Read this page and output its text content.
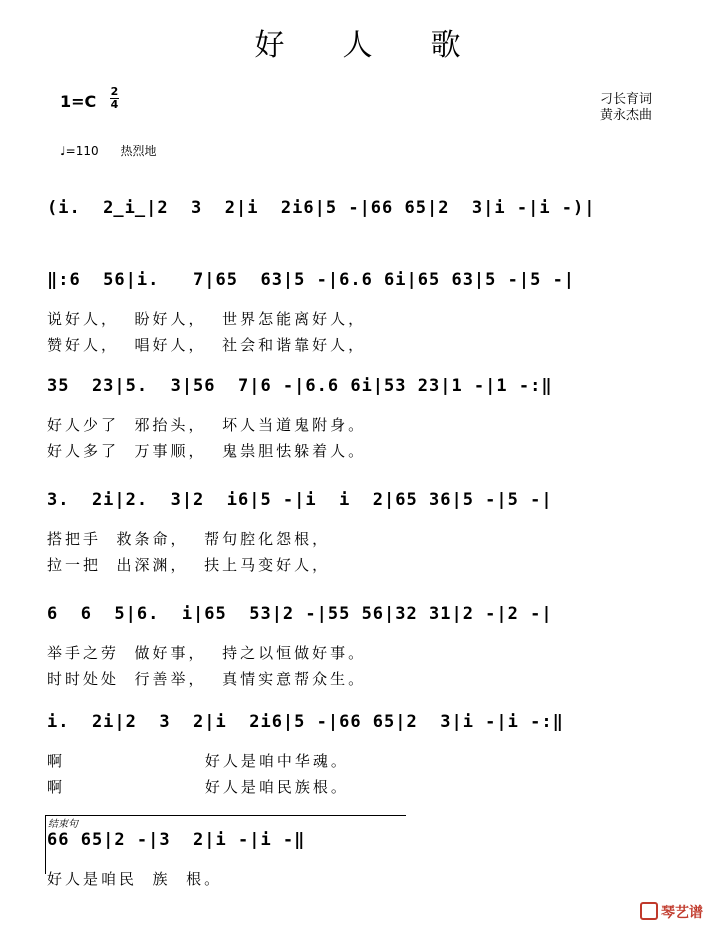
好人歌
1=C
2
4	刁长育词
黄永杰曲
♩=110 热烈地
结束句
(i.  2̲i̲|2  3  2|i  2i6|5 -|66 65|2  3|i -|i -)|
‖:6  56|i.   7|65  63|5 -|6.6 6i|65 63|5 -|5 -|
说好人，  盼好人，  世界怎能离好人，
赞好人，  唱好人，  社会和谐靠好人，
35  23|5.  3|56  7|6 -|6.6 6i|53 23|1 -|1 -:‖
好人少了  邪抬头，  坏人当道鬼附身。
好人多了  万事顺，  鬼祟胆怯躲着人。
3.  2i|2.  3|2  i6|5 -|i  i  2|65 36|5 -|5 -|
搭把手  救条命，  帮句腔化怨根，
拉一把  出深渊，  扶上马变好人，
6  6  5|6.  i|65  53|2 -|55 56|32 31|2 -|2 -|
举手之劳  做好事，  持之以恒做好事。
时时处处  行善举，  真情实意帮众生。
i.  2i|2  3  2|i  2i6|5 -|66 65|2  3|i -|i -:‖
啊                  好人是咱中华魂。
啊                  好人是咱民族根。
66 65|2 -|3  2|i -|i -‖
好人是咱民  族  根。
琴艺谱
